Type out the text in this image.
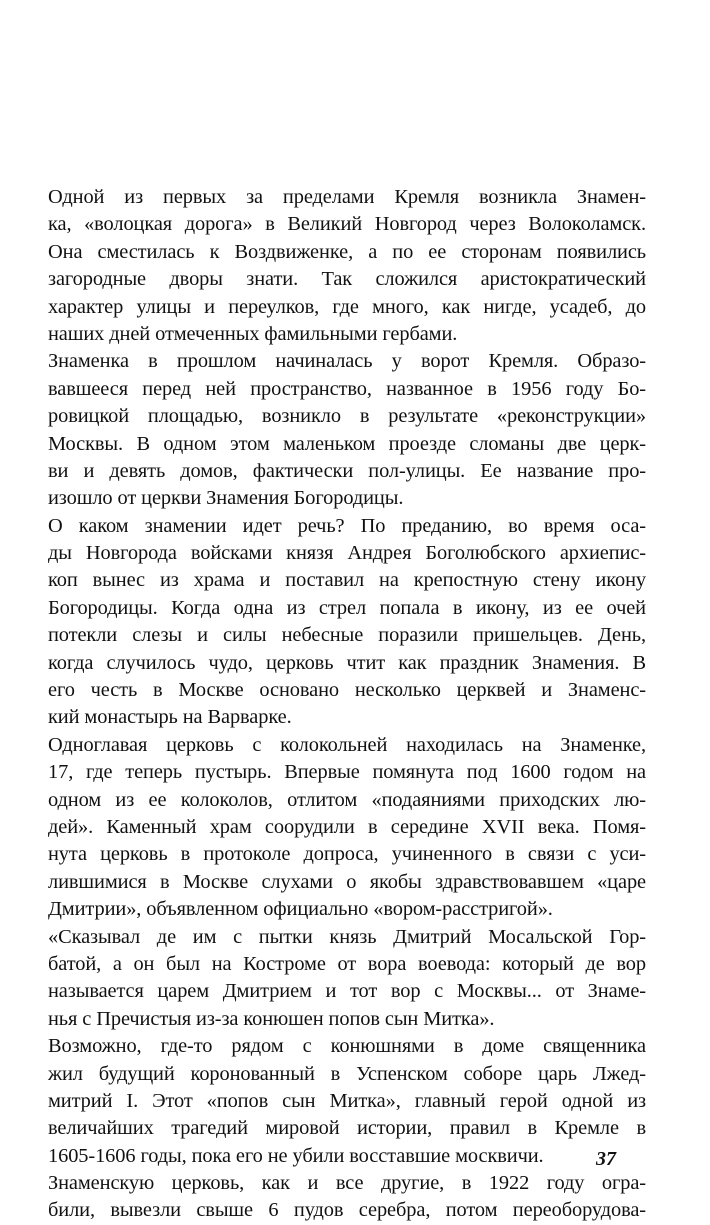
Одной из первых за пределами Кремля возникла Знамен-
ка, «волоцкая дорога» в Великий Новгород через Волоколамск.
Она сместилась к Воздвиженке, а по ее сторонам появились
загородные дворы знати. Так сложился аристократический
характер улицы и переулков, где много, как нигде, усадеб, до
наших дней отмеченных фамильными гербами.
Знаменка в прошлом начиналась у ворот Кремля. Образо-
вавшееся перед ней пространство, названное в 1956 году Бо-
ровицкой площадью, возникло в результате «реконструкции»
Москвы. В одном этом маленьком проезде сломаны две церк-
ви и девять домов, фактически пол-улицы. Ее название про-
изошло от церкви Знамения Богородицы.
О каком знамении идет речь? По преданию, во время оса-
ды Новгорода войсками князя Андрея Боголюбского архиепис-
коп вынес из храма и поставил на крепостную стену икону
Богородицы. Когда одна из стрел попала в икону, из ее очей
потекли слезы и силы небесные поразили пришельцев. День,
когда случилось чудо, церковь чтит как праздник Знамения. В
его честь в Москве основано несколько церквей и Знаменс-
кий монастырь на Варварке.
Одноглавая церковь с колокольней находилась на Знаменке,
17, где теперь пустырь. Впервые помянута под 1600 годом на
одном из ее колоколов, отлитом «подаяниями приходских лю-
дей». Каменный храм соорудили в середине XVII века. Помя-
нута церковь в протоколе допроса, учиненного в связи с уси-
лившимися в Москве слухами о якобы здравствовавшем «царе
Дмитрии», объявленном официально «вором-расстригой».
«Сказывал де им с пытки князь Дмитрий Мосальской Гор-
батой, а он был на Костроме от вора воевода: который де вор
называется царем Дмитрием и тот вор с Москвы... от Знаме-
нья с Пречистыя из-за конюшен попов сын Митка».
Возможно, где-то рядом с конюшнями в доме священника
жил будущий коронованный в Успенском соборе царь Лжед-
митрий I. Этот «попов сын Митка», главный герой одной из
величайших трагедий мировой истории, правил в Кремле в
1605-1606 годы, пока его не убили восставшие москвичи.
Знаменскую церковь, как и все другие, в 1922 году огра-
били, вывезли свыше 6 пудов серебра, потом переоборудова-
37
